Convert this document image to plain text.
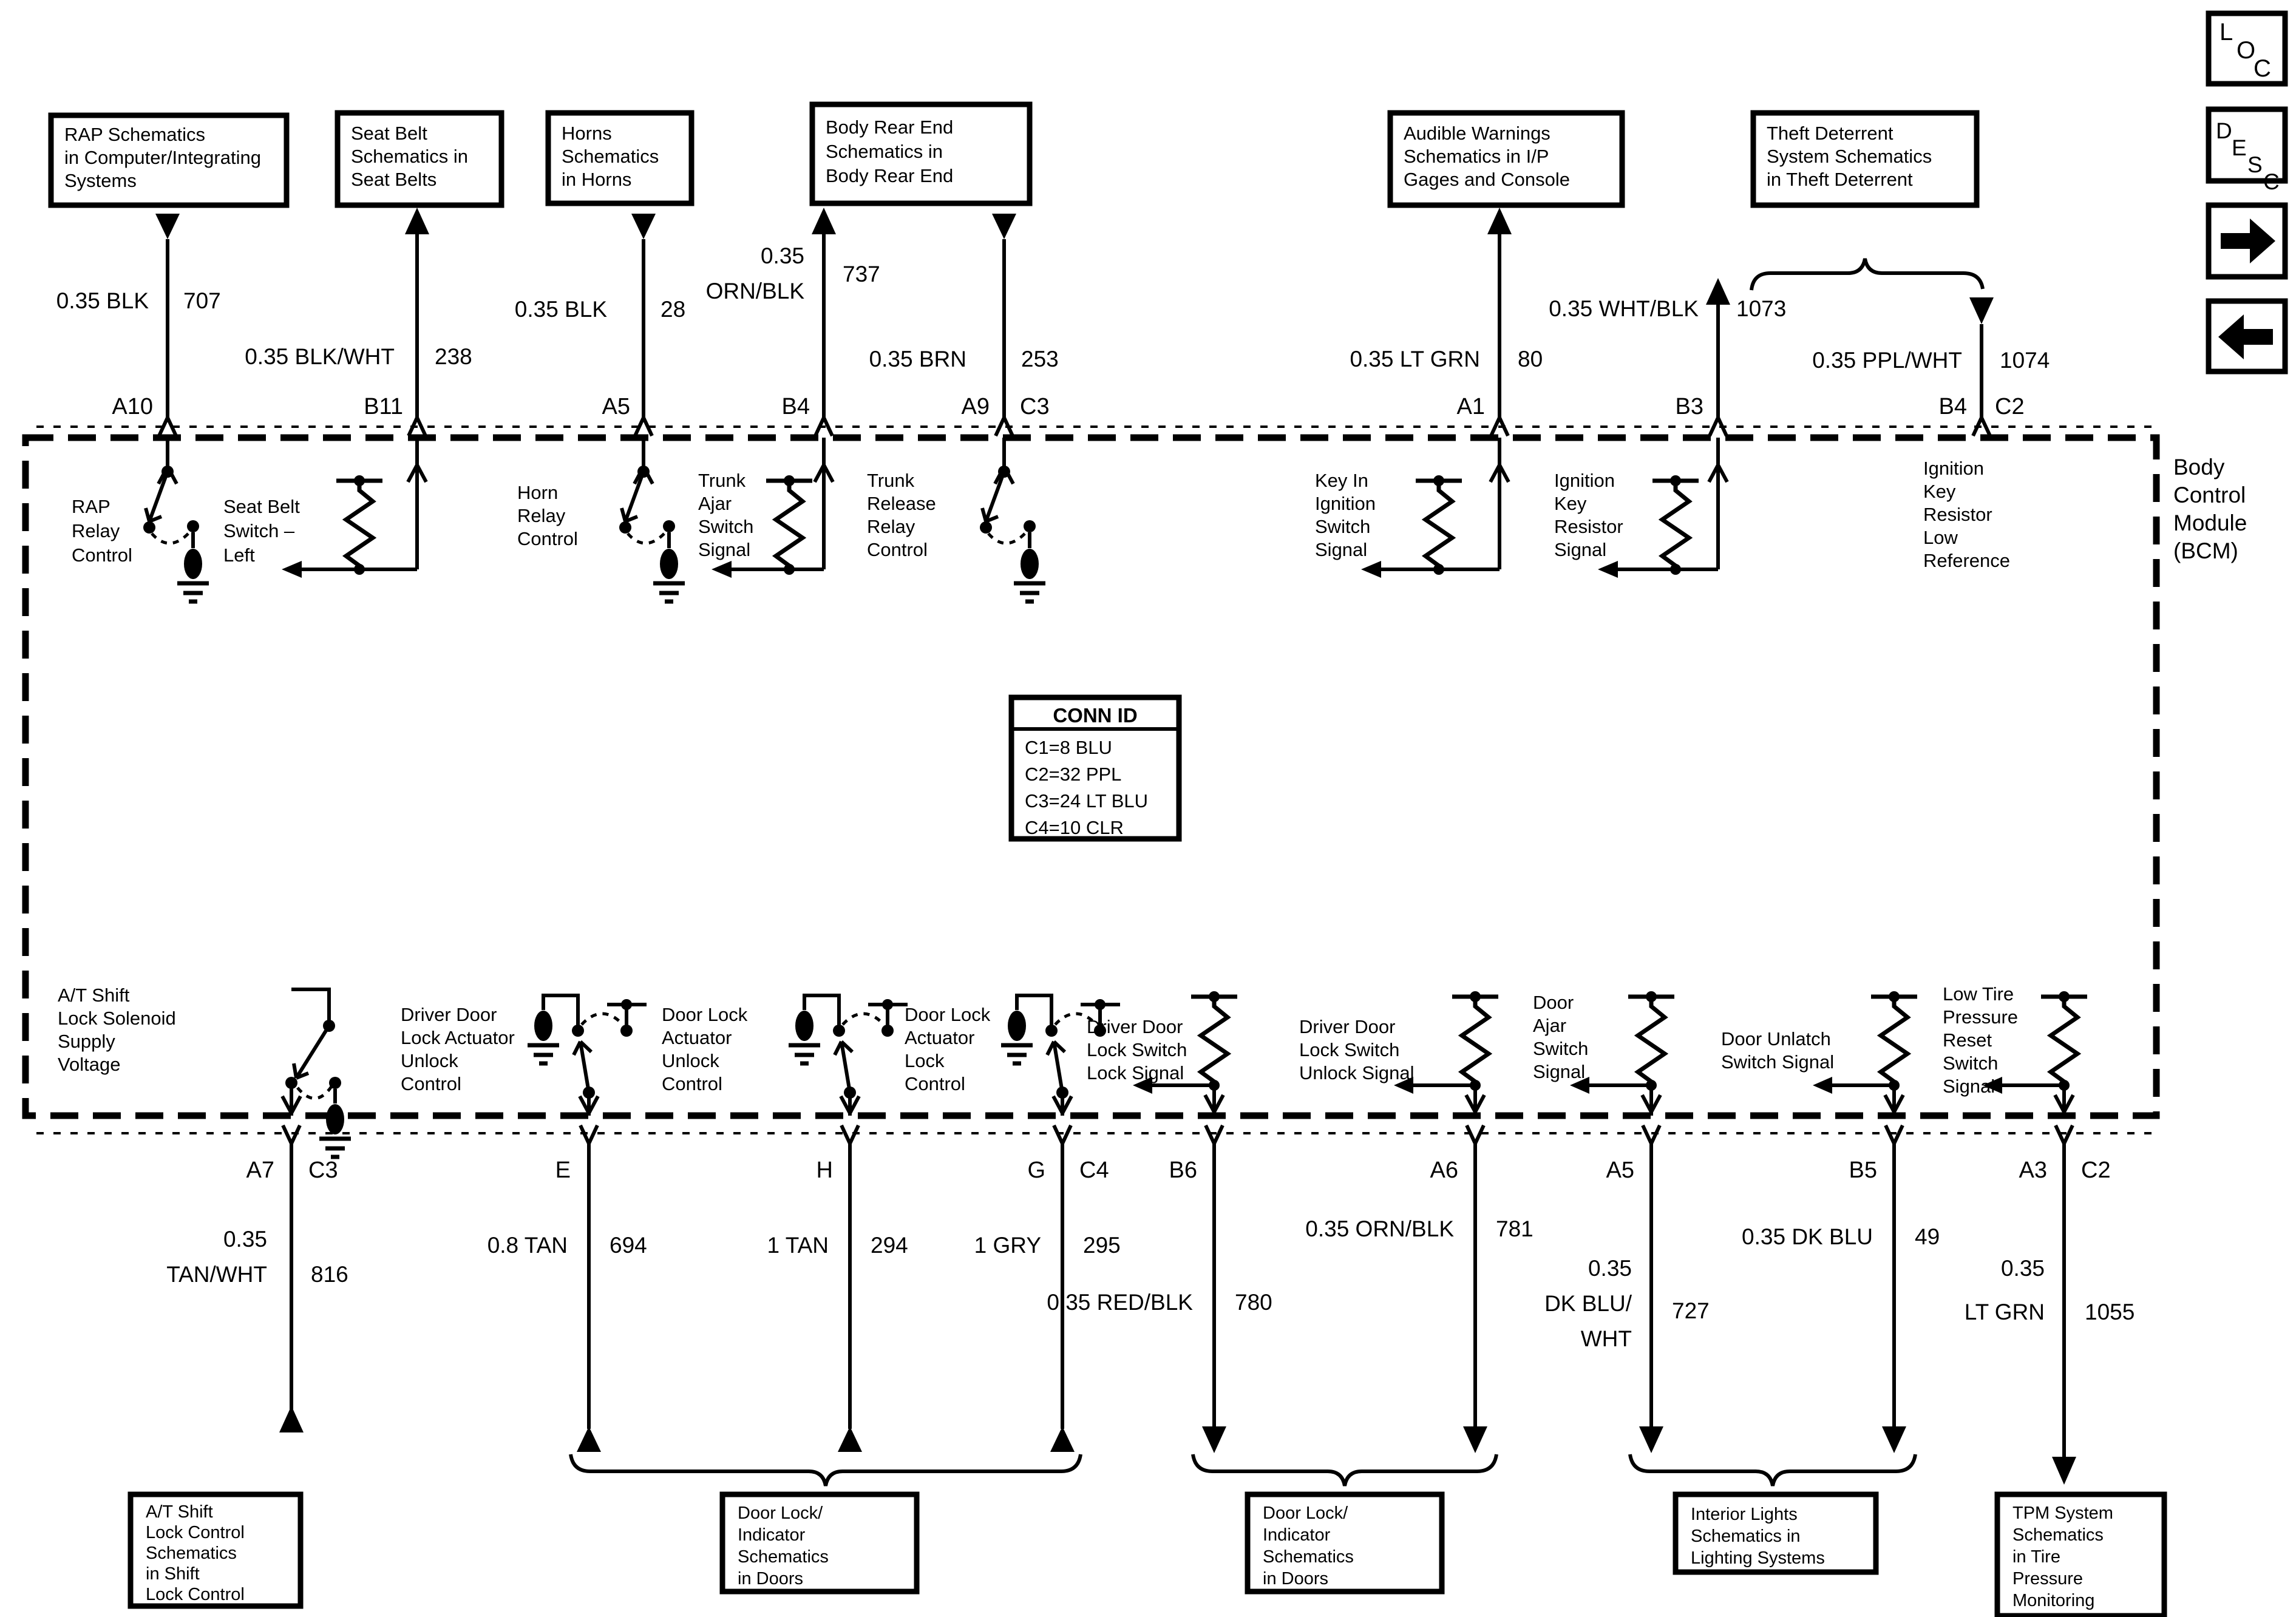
RAP Schematics
in Computer/Integrating
Systems
Seat Belt
Schematics in
Seat Belts
Horns
Schematics
in Horns
Body Rear End
Schematics in
Body Rear End
Audible Warnings
Schematics in I/P
Gages and Console
Theft Deterrent
System Schematics
in Theft Deterrent
A/T Shift
Lock Control
Schematics
in Shift
Lock Control
Door Lock/
Indicator
Schematics
in Doors
Door Lock/
Indicator
Schematics
in Doors
Interior Lights
Schematics in
Lighting Systems
TPM System
Schematics
in Tire
Pressure
Monitoring
CONN ID
C1=8 BLU
C2=32 PPL
C3=24 LT BLU
C4=10 CLR
L
O
C
D
E
S
C
0.35 BLK 707
A10
0.35 BLK/WHT 238
B11
0.35 BLK 28
A5
0.35
ORN/BLK
737
B4
0.35 BRN 253
A9 C3
0.35 LT GRN 80
A1
0.35 WHT/BLK 1073
B3
0.35 PPL/WHT 1074
B4 C2
RAP
Relay
Control
Seat Belt
Switch –
Left
Horn
Relay
Control
Trunk
Ajar
Switch
Signal
Trunk
Release
Relay
Control
Key In
Ignition
Switch
Signal
Ignition
Key
Resistor
Signal
Ignition
Key
Resistor
Low
Reference
A/T Shift
Lock Solenoid
Supply
Voltage
Driver Door
Lock Actuator
Unlock
Control
Door Lock
Actuator
Unlock
Control
Door Lock
Actuator
Lock
Control
Driver Door
Lock Switch
Lock Signal
Driver Door
Lock Switch
Unlock Signal
Door
Ajar
Switch
Signal
Door Unlatch
Switch Signal
Low Tire
Pressure
Reset
Switch
Signal
Body
Control
Module
(BCM)
A7 C3
0.35
TAN/WHT 816
E
0.8 TAN 694
H
1 TAN 294
G C4
1 GRY 295
B6
0.35 RED/BLK 780
A6
0.35 ORN/BLK 781
A5
0.35
DK BLU/
WHT
727
B5
0.35 DK BLU 49
A3 C2
0.35
LT GRN 1055
